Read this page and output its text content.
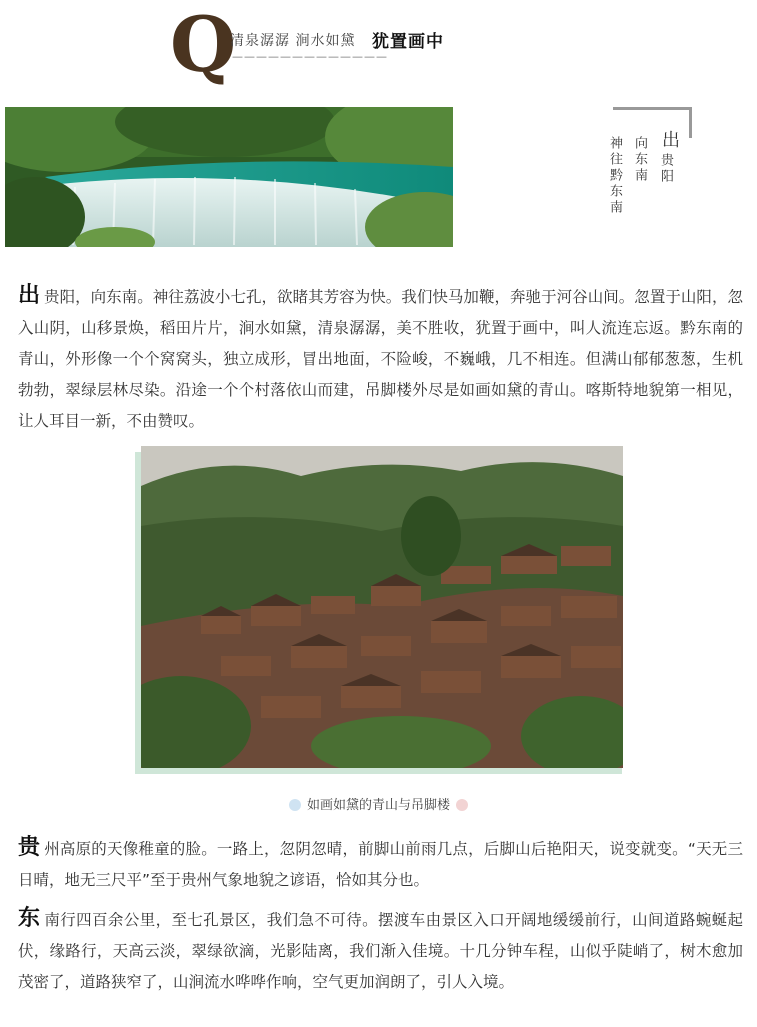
Q
清泉潺潺 涧水如黛 犹置画中
—————————————
出
贵阳
向东南
神往黔东南
出 贵阳，向东南。神往荔波小七孔，欲睹其芳容为快。我们快马加鞭，奔驰于河谷山间。忽置于山阳，忽入山阴，山移景焕，稻田片片，涧水如黛，清泉潺潺，美不胜收，犹置于画中，叫人流连忘返。黔东南的青山，外形像一个个窝窝头，独立成形，冒出地面，不险峻，不巍峨，几不相连。但满山郁郁葱葱，生机勃勃，翠绿层林尽染。沿途一个个村落依山而建，吊脚楼外尽是如画如黛的青山。喀斯特地貌第一相见，让人耳目一新，不由赞叹。
如画如黛的青山与吊脚楼
贵 州高原的天像稚童的脸。一路上，忽阴忽晴，前脚山前雨几点，后脚山后艳阳天，说变就变。“天无三日晴，地无三尺平”至于贵州气象地貌之谚语，恰如其分也。
东 南行四百余公里，至七孔景区，我们急不可待。摆渡车由景区入口开阔地缓缓前行，山间道路蜿蜒起伏，缘路行，天高云淡，翠绿欲滴，光影陆离，我们渐入佳境。十几分钟车程，山似乎陡峭了，树木愈加茂密了，道路狭窄了，山涧流水哗哗作响，空气更加润朗了，引人入境。
